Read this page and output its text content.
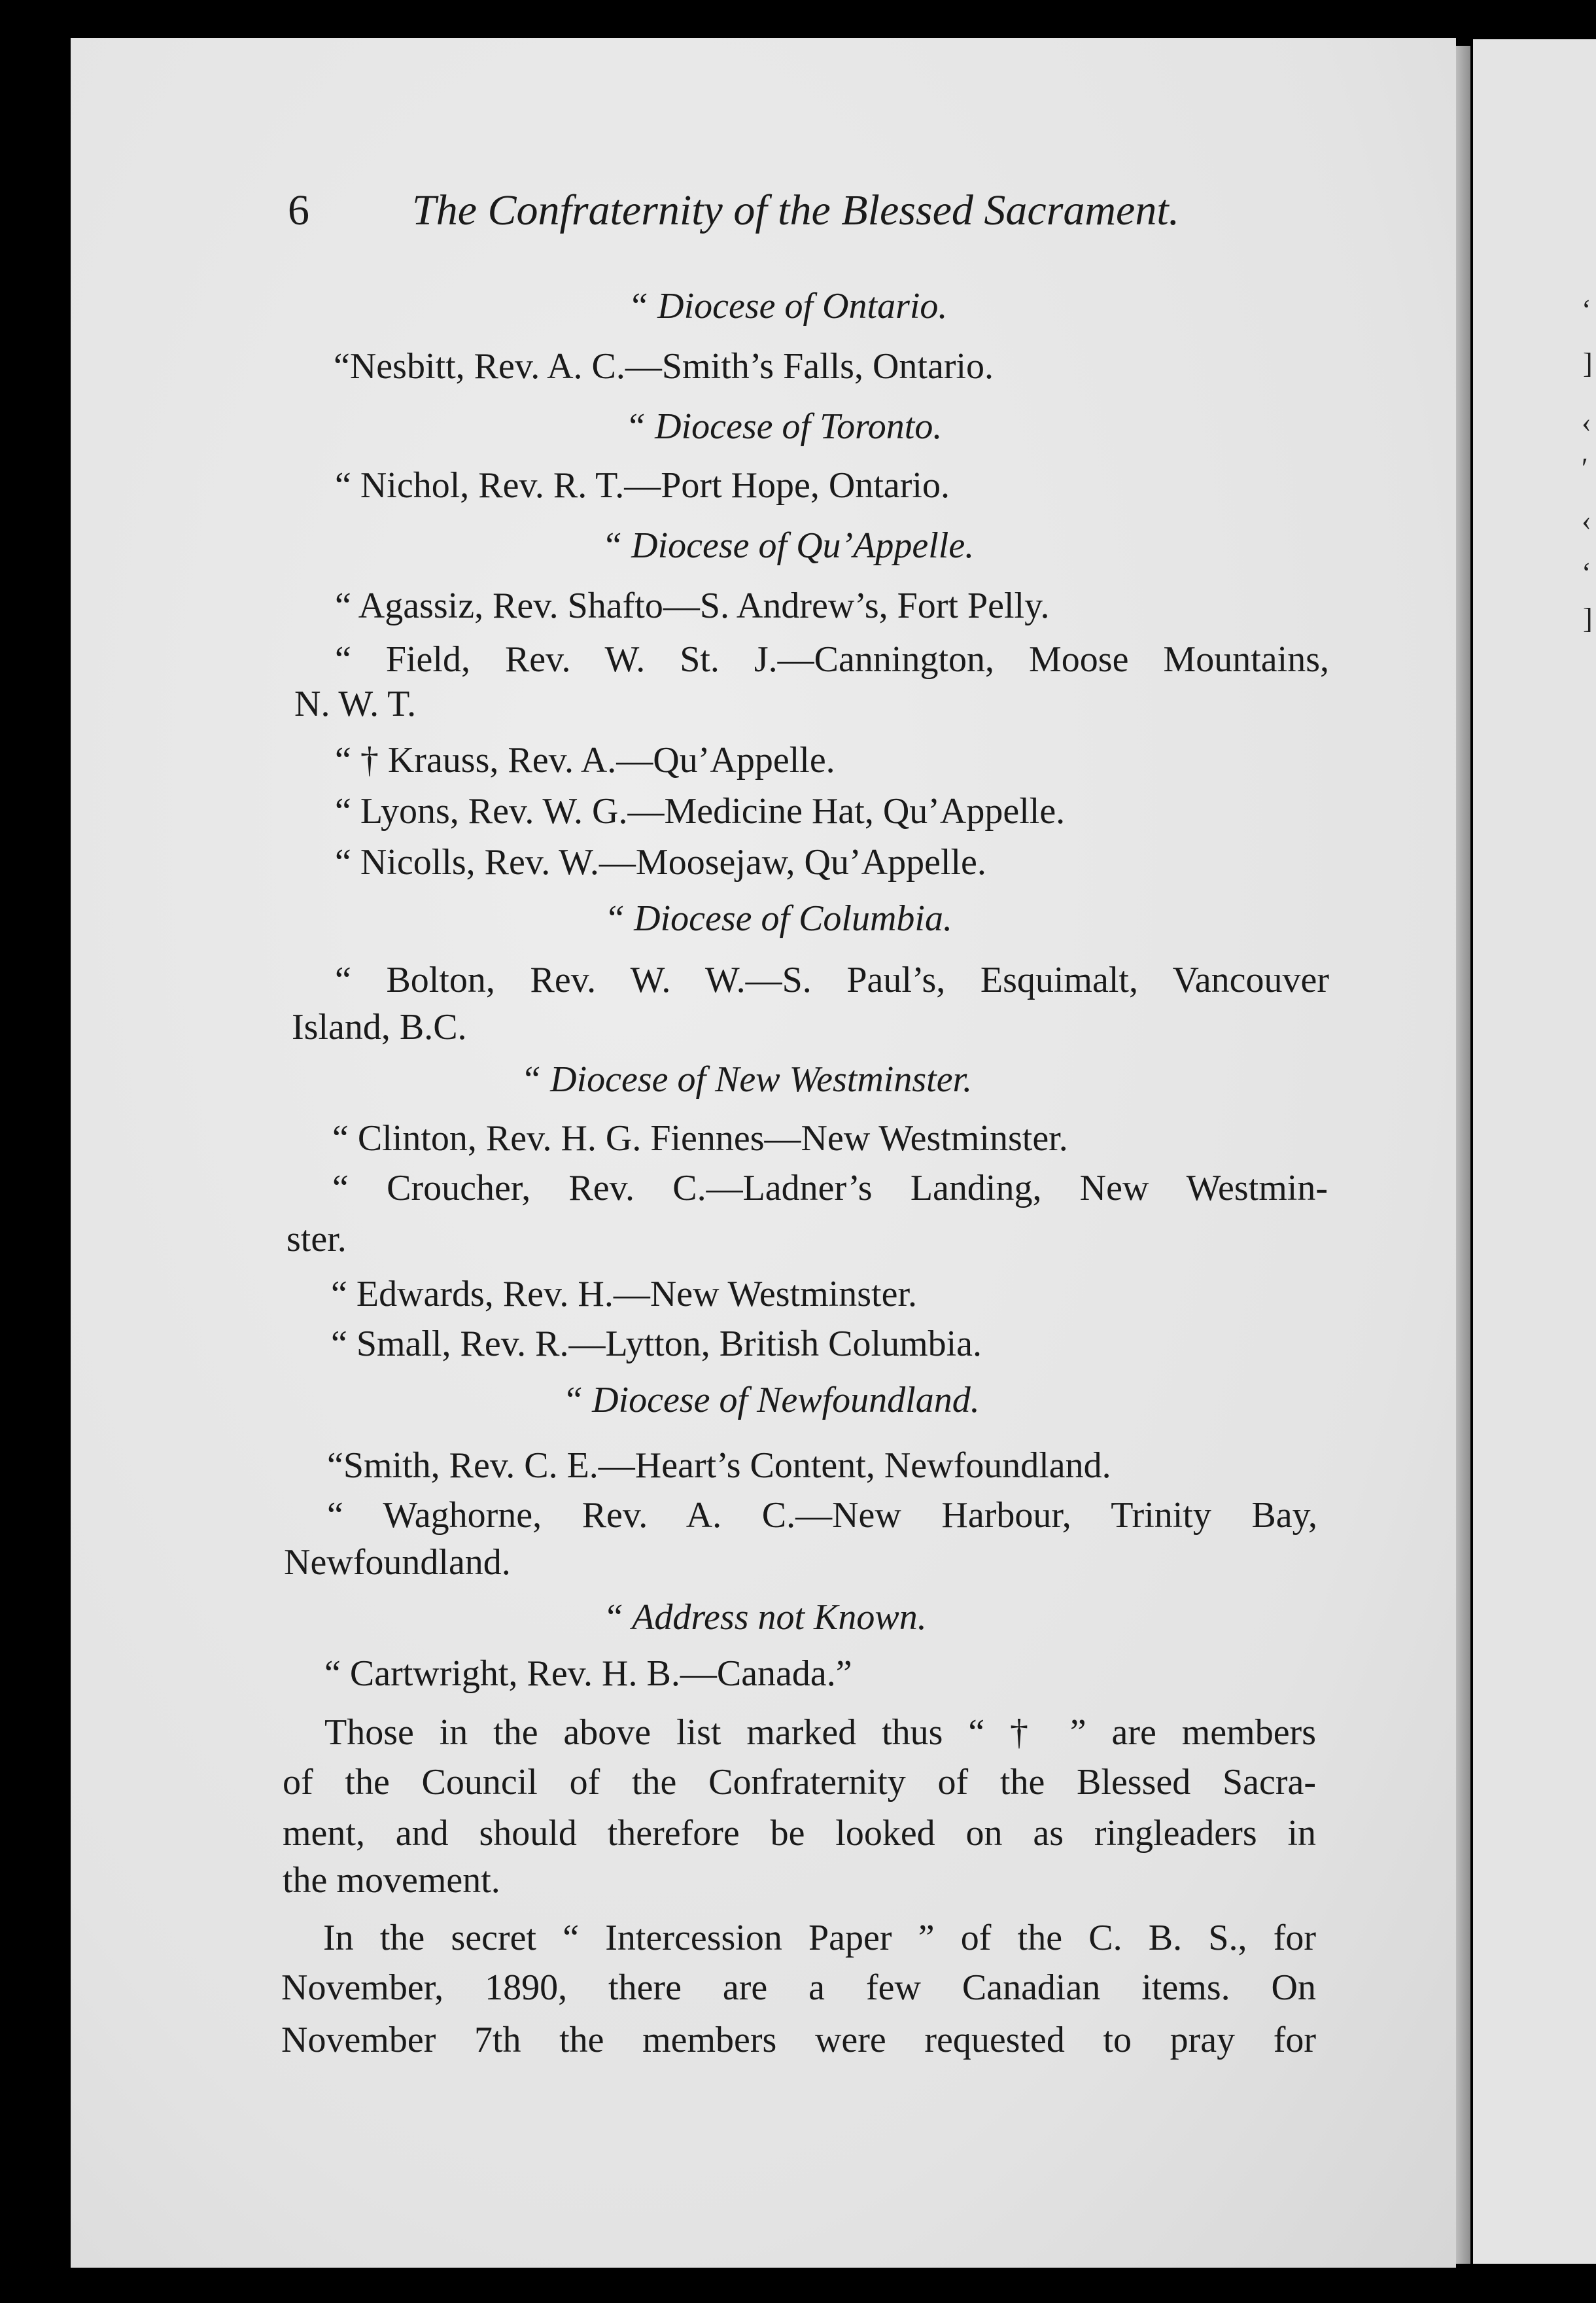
‘
]
‹
′
‹
‘
]
6 The Confraternity of the Blessed Sacrament.
“ Diocese of Ontario.
“Nesbitt, Rev. A. C.—Smith’s Falls, Ontario.
“ Diocese of Toronto.
“ Nichol, Rev. R. T.—Port Hope, Ontario.
“ Diocese of Qu’Appelle.
“ Agassiz, Rev. Shafto—S. Andrew’s, Fort Pelly.
“ Field, Rev. W. St. J.—Cannington, Moose Mountains,
N. W. T.
“ † Krauss, Rev. A.—Qu’Appelle.
“ Lyons, Rev. W. G.—Medicine Hat, Qu’Appelle.
“ Nicolls, Rev. W.—Moosejaw, Qu’Appelle.
“ Diocese of Columbia.
“ Bolton, Rev. W. W.—S. Paul’s, Esquimalt, Vancouver
Island, B.C.
“ Diocese of New Westminster.
“ Clinton, Rev. H. G. Fiennes—New Westminster.
“ Croucher, Rev. C.—Ladner’s Landing, New Westmin-
ster.
“ Edwards, Rev. H.—New Westminster.
“ Small, Rev. R.—Lytton, British Columbia.
“ Diocese of Newfoundland.
“Smith, Rev. C. E.—Heart’s Content, Newfoundland.
“ Waghorne, Rev. A. C.—New Harbour, Trinity Bay,
Newfoundland.
“ Address not Known.
“ Cartwright, Rev. H. B.—Canada.”
Those in the above list marked thus “ † ” are members
of the Council of the Confraternity of the Blessed Sacra-
ment, and should therefore be looked on as ringleaders in
the movement.
In the secret “ Intercession Paper ” of the C. B. S., for
November, 1890, there are a few Canadian items. On
November 7th the members were requested to pray for
